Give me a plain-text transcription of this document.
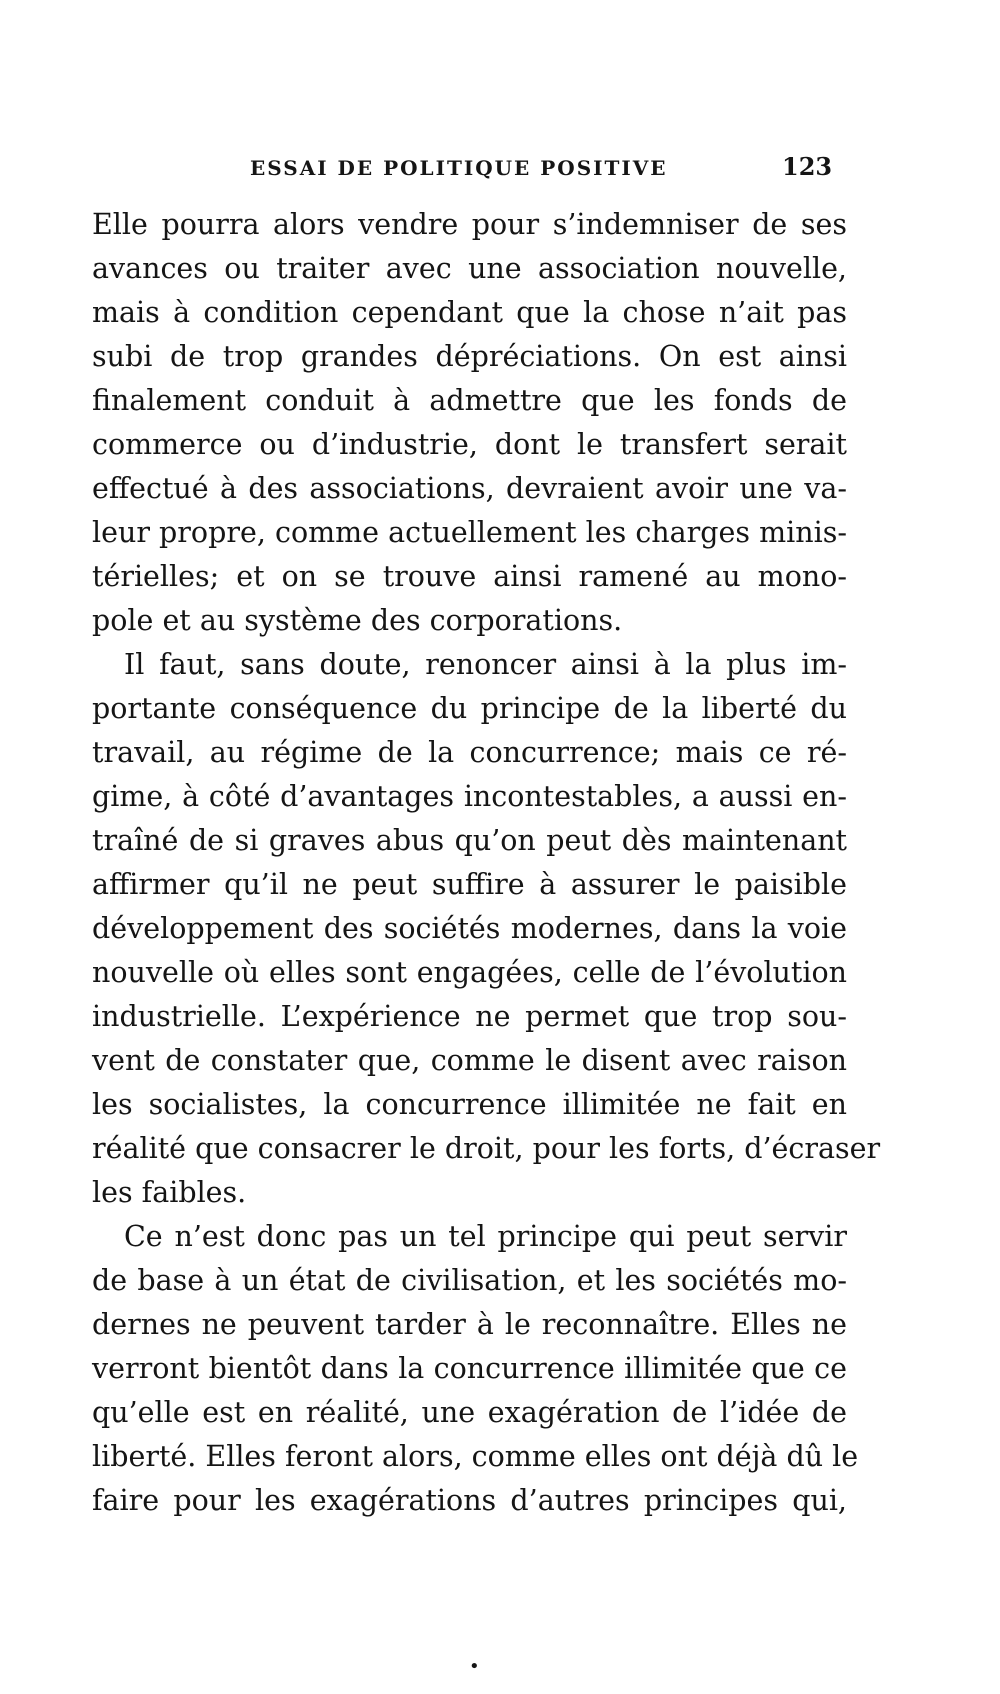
ESSAI DE POLITIQUE POSITIVE	123
Elle pourra alors vendre pour s’indemniser de ses
avances ou traiter avec une association nouvelle,
mais à condition cependant que la chose n’ait pas
subi de trop grandes dépréciations. On est ainsi
finalement conduit à admettre que les fonds de
commerce ou d’industrie, dont le transfert serait
effectué à des associations, devraient avoir une va-
leur propre, comme actuellement les charges minis-
térielles; et on se trouve ainsi ramené au mono-
pole et au système des corporations.
Il faut, sans doute, renoncer ainsi à la plus im-
portante conséquence du principe de la liberté du
travail, au régime de la concurrence; mais ce ré-
gime, à côté d’avantages incontestables, a aussi en-
traîné de si graves abus qu’on peut dès maintenant
affirmer qu’il ne peut suffire à assurer le paisible
développement des sociétés modernes, dans la voie
nouvelle où elles sont engagées, celle de l’évolution
industrielle. L’expérience ne permet que trop sou-
vent de constater que, comme le disent avec raison
les socialistes, la concurrence illimitée ne fait en
réalité que consacrer le droit, pour les forts, d’écraser
les faibles.
Ce n’est donc pas un tel principe qui peut servir
de base à un état de civilisation, et les sociétés mo-
dernes ne peuvent tarder à le reconnaître. Elles ne
verront bientôt dans la concurrence illimitée que ce
qu’elle est en réalité, une exagération de l’idée de
liberté. Elles feront alors, comme elles ont déjà dû le
faire pour les exagérations d’autres principes qui,
•
